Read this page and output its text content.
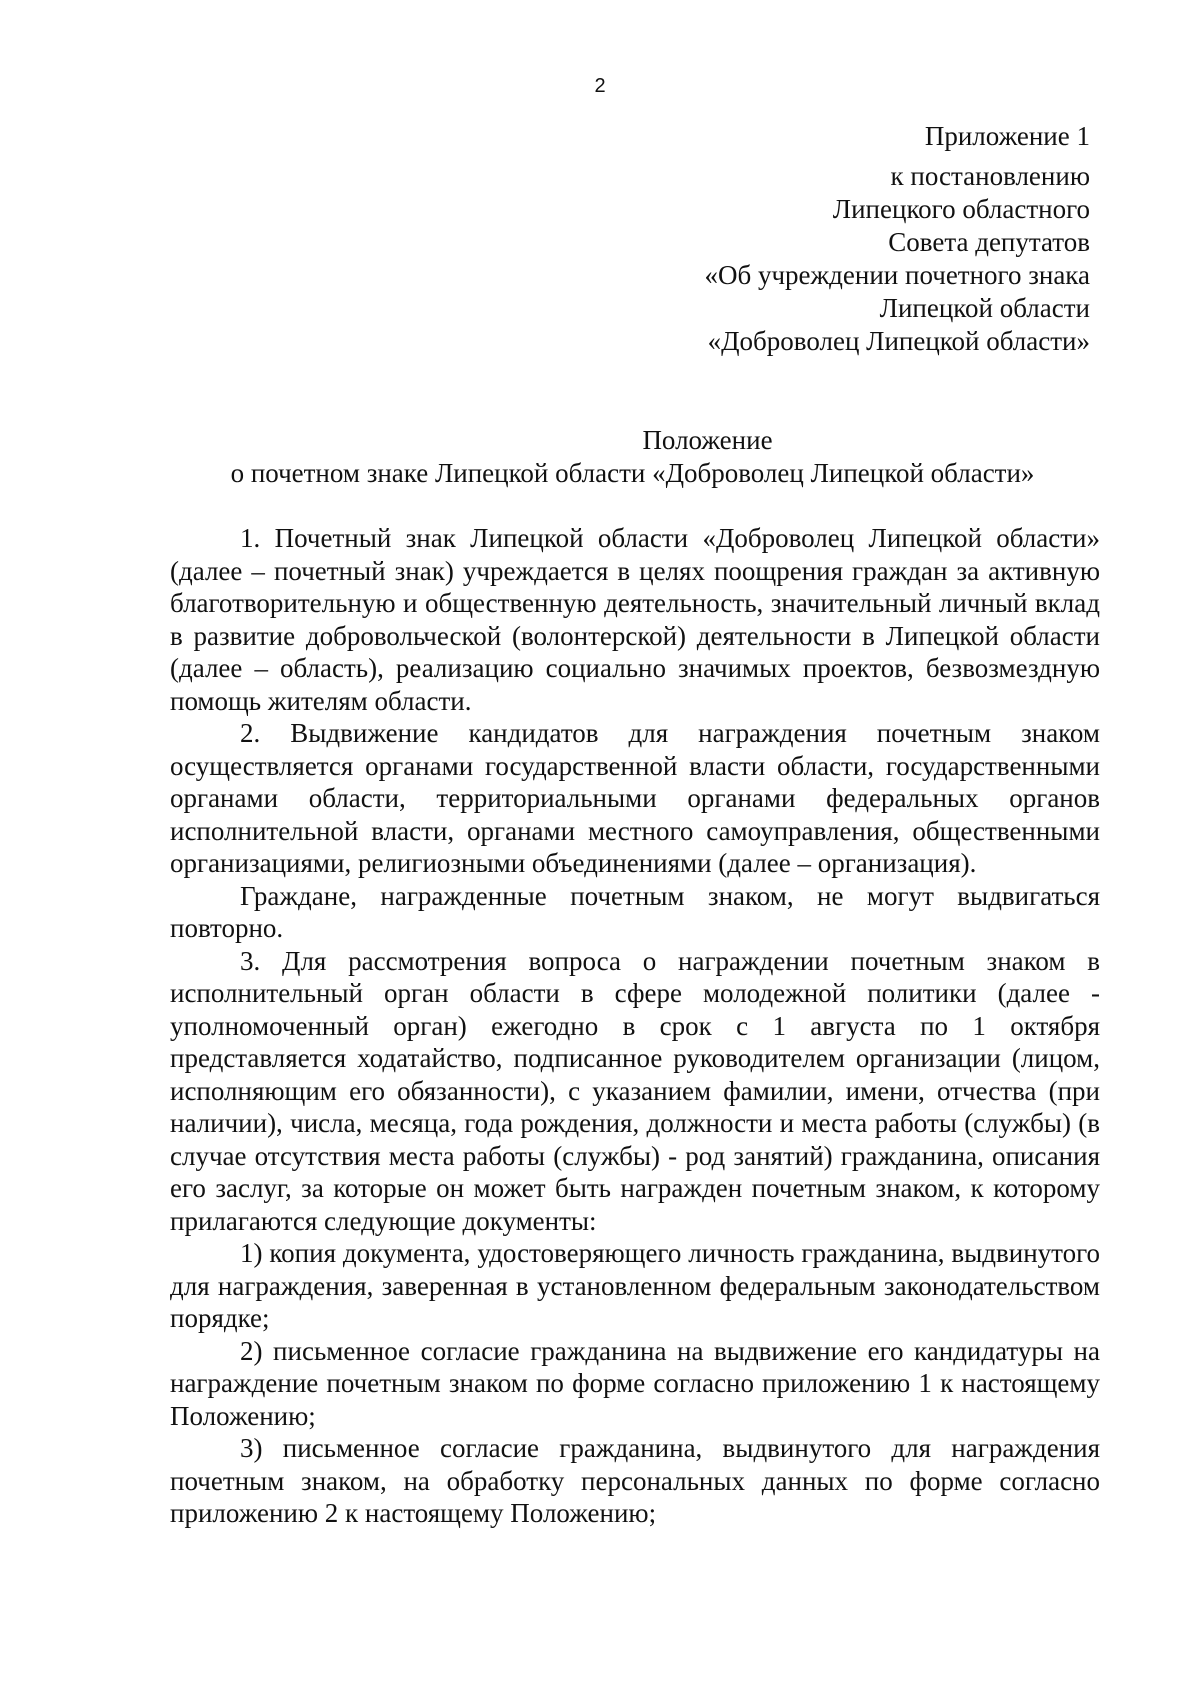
2
Приложение 1
к постановлению
Липецкого областного
Совета депутатов
«Об учреждении почетного знака
Липецкой области
«Доброволец Липецкой области»
Положение
о почетном знаке Липецкой области «Доброволец Липецкой области»

1. Почетный знак Липецкой области «Доброволец Липецкой области» (далее – почетный знак) учреждается в целях поощрения граждан за активную благотворительную и общественную деятельность, значительный личный вклад в развитие добровольческой (волонтерской) деятельности в Липецкой области (далее – область), реализацию социально значимых проектов, безвозмездную помощь жителям области.

2. Выдвижение кандидатов для награждения почетным знаком осуществляется органами государственной власти области, государственными органами области, территориальными органами федеральных органов исполнительной власти, органами местного самоуправления, общественными организациями, религиозными объединениями (далее – организация).

Граждане, награжденные почетным знаком, не могут выдвигаться повторно.

3. Для рассмотрения вопроса о награждении почетным знаком в исполнительный орган области в сфере молодежной политики (далее - уполномоченный орган) ежегодно в срок с 1 августа по 1 октября представляется ходатайство, подписанное руководителем организации (лицом, исполняющим его обязанности), с указанием фамилии, имени, отчества (при наличии), числа, месяца, года рождения, должности и места работы (службы) (в случае отсутствия места работы (службы) - род занятий) гражданина, описания его заслуг, за которые он может быть награжден почетным знаком, к которому прилагаются следующие документы:

1) копия документа, удостоверяющего личность гражданина, выдвинутого для награждения, заверенная в установленном федеральным законодательством порядке;

2) письменное согласие гражданина на выдвижение его кандидатуры на награждение почетным знаком по форме согласно приложению 1 к настоящему Положению;

3) письменное согласие гражданина, выдвинутого для награждения почетным знаком, на обработку персональных данных по форме согласно приложению 2 к настоящему Положению;
